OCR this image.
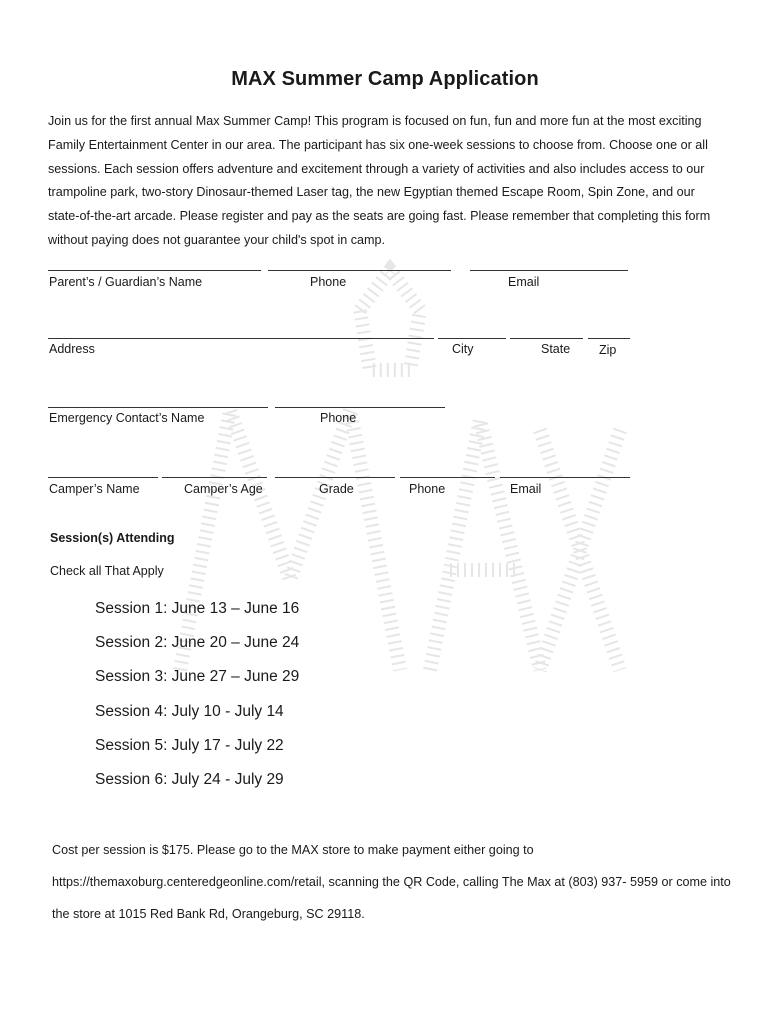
MAX Summer Camp Application
Join us for the first annual Max Summer Camp! This program is focused on fun, fun and more fun at the most exciting Family Entertainment Center in our area. The participant has six one-week sessions to choose from. Choose one or all sessions. Each session offers adventure and excitement through a variety of activities and also includes access to our trampoline park, two-story Dinosaur-themed Laser tag, the new Egyptian themed Escape Room, Spin Zone, and our state-of-the-art arcade. Please register and pay as the seats are going fast. Please remember that completing this form without paying does not guarantee your child's spot in camp.
Parent’s / Guardian’s Name	Phone	Email
Address	City	State Zip
Emergency Contact’s Name	Phone
Camper’s Name	Camper’s Age	Grade	Phone	Email
Session(s) Attending
Check all That Apply
Session 1: June 13 – June 16
Session 2: June 20 – June 24
Session 3: June 27 – June 29
Session 4: July 10 - July 14
Session 5: July 17 - July 22
Session 6: July 24 - July 29
Cost per session is $175. Please go to the MAX store to make payment either going to https://themaxoburg.centeredgeonline.com/retail, scanning the QR Code, calling The Max at (803) 937- 5959 or come into the store at 1015 Red Bank Rd, Orangeburg, SC 29118.
